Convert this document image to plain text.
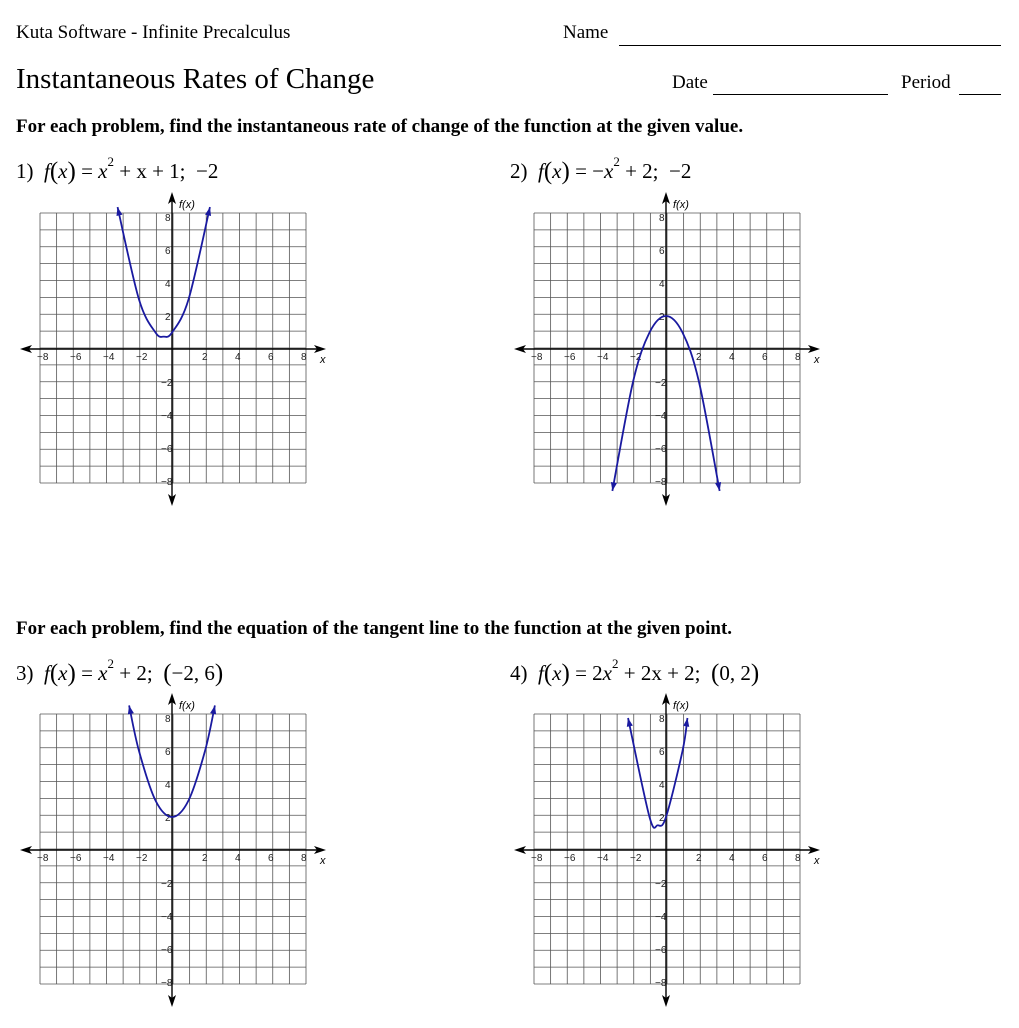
Kuta Software - Infinite Precalculus	Name
Instantaneous Rates of Change	Date	Period
For each problem, find the instantaneous rate of change of the function at the given value.
For each problem, find the equation of the tangent line to the function at the given point.
1) $f(x) = x^2 + x + 1$; −2	2) $f(x) = -x^2 + 2$; −2
3) $f(x) = x^2 + 2$; (−2, 6)	4) $f(x) = 2x^2 + 2x + 2$; (0, 2)
f(x)
x
−8 −6 −4 −2	2	4	6	8
8
6
4
2
−2
−4
−6
−8
f(x)
x
−8 −6 −4 −2	2	4	6	8
8
6
4
2
−2
−4
−6
−8
f(x)
x
−8 −6 −4 −2	2	4	6	8
8
6
4
2
−2
−4
−6
−8
f(x)
x
−8 −6 −4 −2	2	4	6	8
8
6
4
2
−2
−4
−6
−8
